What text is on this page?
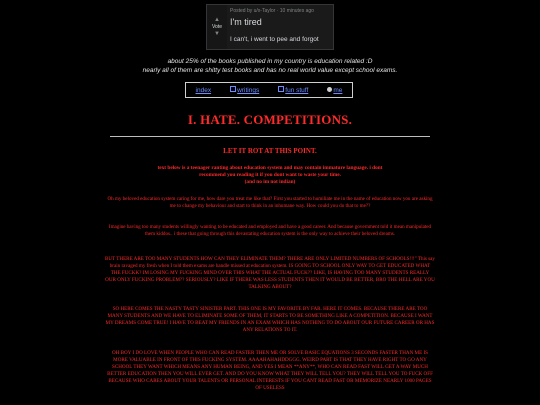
▲
Vote
▼
Posted by u/x-Taylor · 10 minutes ago
I'm tired
I can't, i went to pee and forgot
about 25% of the books published in my country is education related :D
nearly all of them are shitty test books and has no real world value except school exams.
index	writings	fun stuff	me
I. HATE. COMPETITIONS.
LET IT ROT AT THIS POINT.
text below is a teenager ranting about education system and may contain immature language. i dont
recommend you reading it if you dont want to waste your time.
(and no im not indian)
Oh my beloved education system caring for me, how dare you treat me like that? First you started to humiliate me in the name of education now you are asking me to change my behaviour and start to think in an inhumane way. How could you do that to me??
Imagine having too many students willingly wanting to be educated and employed and have a good career. And because government told it mean manipulated them kiddos.. i these that going through this devastating education system is the only way to achieve their beloved dreams.
BUT THERE ARE TOO MANY STUDENTS HOW CAN THEY ELIMINATE THEM? THERE ARE ONLY LIMITED NUMBERS OF SCHOOLS!!!" This say brain ravaged my fresh when I told them exams are handle missed at education system. IS GOING TO SCHOOL ONLY WAY TO GET EDUCATED WHAT THE FUCKK? IM LOSING MY FUCKING MIND OVER THIS WHAT THE ACTUAL FUCK?? LIKE, IS HAVING TOO MANY STUDENTS REALLY OUR ONLY FUCKING PROBLEM?? SERIOUSLY? LIKE IF THERE WAS LESS STUDENTS THEN IT WOULD BE BETTER, BRO THE HELL ARE YOU TALKING ABOUT?
SO HERE COMES THE NASTY TASTY SINISTER PART. THIS ONE IS MY FAVORITE BY FAR. HERE IT COMES. BECAUSE THERE ARE TOO MANY STUDENTS AND WE HAVE TO ELIMINATE SOME OF THEM, IT STARTS TO BE SOMETHING LIKE A COMPETITION. BECAUSE I WANT MY DREAMS COME TRUE! I HAVE TO BEAT MY FRIENDS IN AN EXAM WHICH HAS NOTHING TO DO ABOUT OUR FUTURE CAREER OR HAS ANY RELATIONS TO IT.
OH BOY I DO LOVE WHEN PEOPLE WHO CAN READ FASTER THEN ME OR SOLVE BASIC EQUATIONS 3 SECONDS FASTER THAN ME IS MORE VALUABLE IN FRONT OF THIS FUCKING SYSTEM. AAAAHAHAHDDGGG. WEIRD PART IS THAT THEY HAVE RIGHT TO GO ANY SCHOOL THEY WANT WHICH MEANS ANY HUMAN BEING, AND YES I MEAN **ANY**, WHO CAN READ FAST WILL GET A WAY MUCH BETTER EDUCATION THEN YOU WILL EVER GET. AND DO YOU KNOW WHAT THEY WILL TELL YOU? THEY WILL TELL YOU TO FUCK OFF BECAUSE WHO CARES ABOUT YOUR TALENTS OR PERSONAL INTERESTS IF YOU CANT READ FAST OR MEMORIZE NEARLY 1000 PAGES OF USELESS
